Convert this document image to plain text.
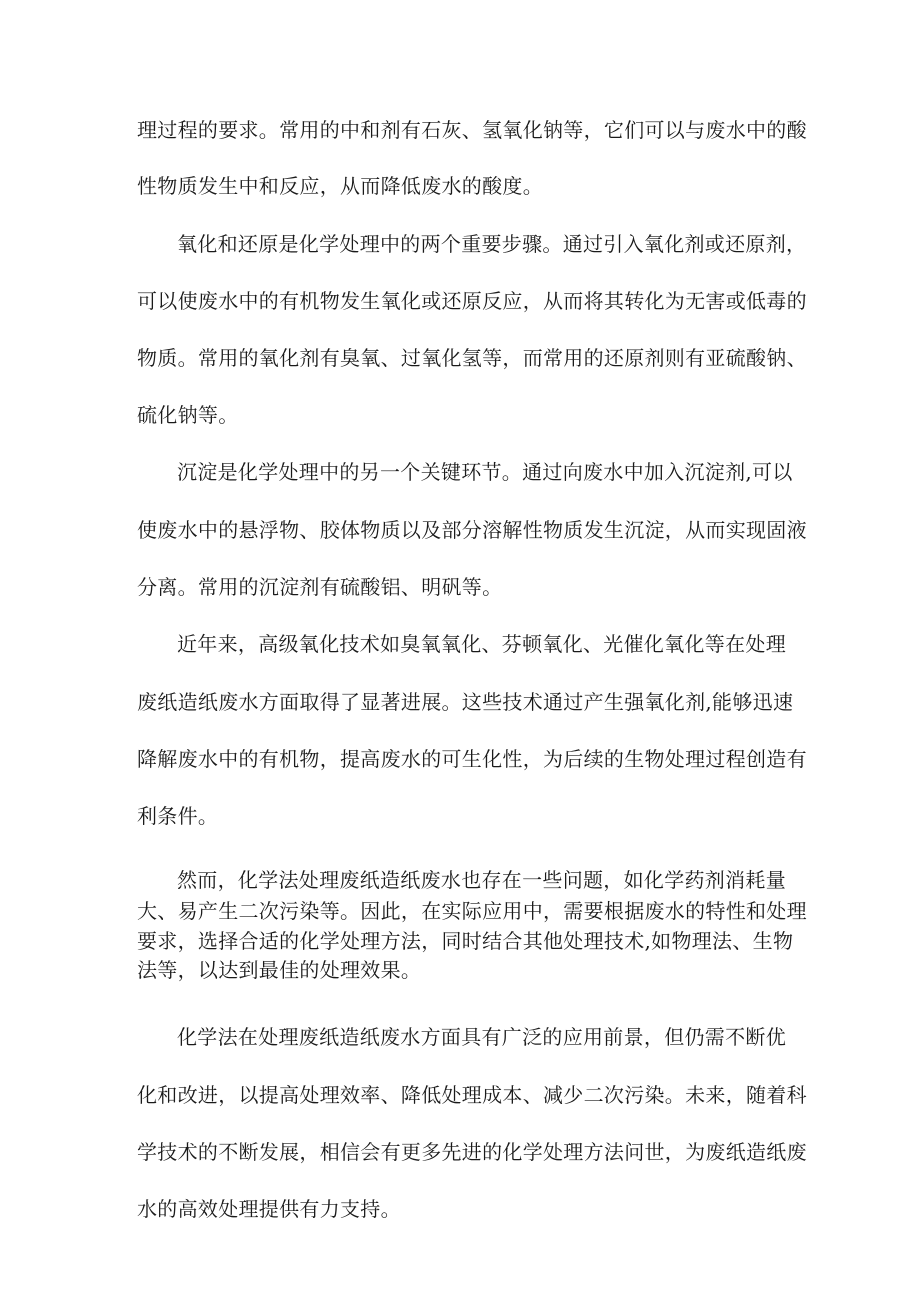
理过程的要求。常用的中和剂有石灰、氢氧化钠等，它们可以与废水中的酸
性物质发生中和反应，从而降低废水的酸度。
氧化和还原是化学处理中的两个重要步骤。通过引入氧化剂或还原剂，
可以使废水中的有机物发生氧化或还原反应，从而将其转化为无害或低毒的
物质。常用的氧化剂有臭氧、过氧化氢等，而常用的还原剂则有亚硫酸钠、
硫化钠等。
沉淀是化学处理中的另一个关键环节。通过向废水中加入沉淀剂,可以
使废水中的悬浮物、胶体物质以及部分溶解性物质发生沉淀，从而实现固液
分离。常用的沉淀剂有硫酸铝、明矾等。
近年来，高级氧化技术如臭氧氧化、芬顿氧化、光催化氧化等在处理
废纸造纸废水方面取得了显著进展。这些技术通过产生强氧化剂,能够迅速
降解废水中的有机物，提高废水的可生化性，为后续的生物处理过程创造有
利条件。
然而，化学法处理废纸造纸废水也存在一些问题，如化学药剂消耗量
大、易产生二次污染等。因此，在实际应用中，需要根据废水的特性和处理
要求，选择合适的化学处理方法，同时结合其他处理技术,如物理法、生物
法等，以达到最佳的处理效果。
化学法在处理废纸造纸废水方面具有广泛的应用前景，但仍需不断优
化和改进，以提高处理效率、降低处理成本、减少二次污染。未来，随着科
学技术的不断发展，相信会有更多先进的化学处理方法问世，为废纸造纸废
水的高效处理提供有力支持。
